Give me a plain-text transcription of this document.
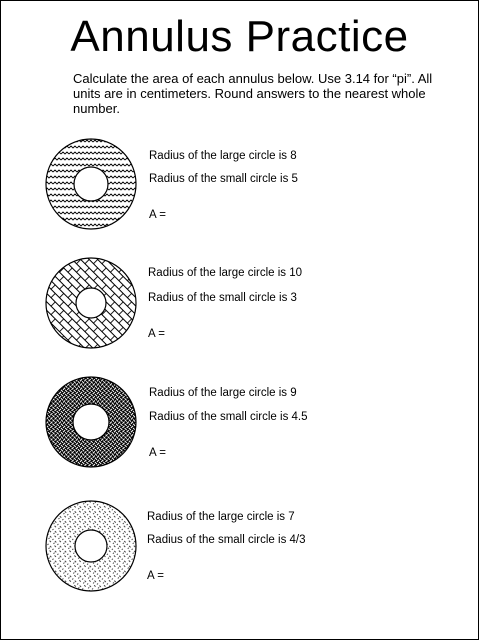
Annulus Practice
Calculate the area of each annulus below. Use 3.14 for “pi”. All units are in centimeters. Round answers to the nearest whole number.
Radius of the large circle is 8
Radius of the small circle is 5
A =
Radius of the large circle is 10
Radius of the small circle is 3
A =
Radius of the large circle is 9
Radius of the small circle is 4.5
A =
Radius of the large circle is 7
Radius of the small circle is 4/3
A =
